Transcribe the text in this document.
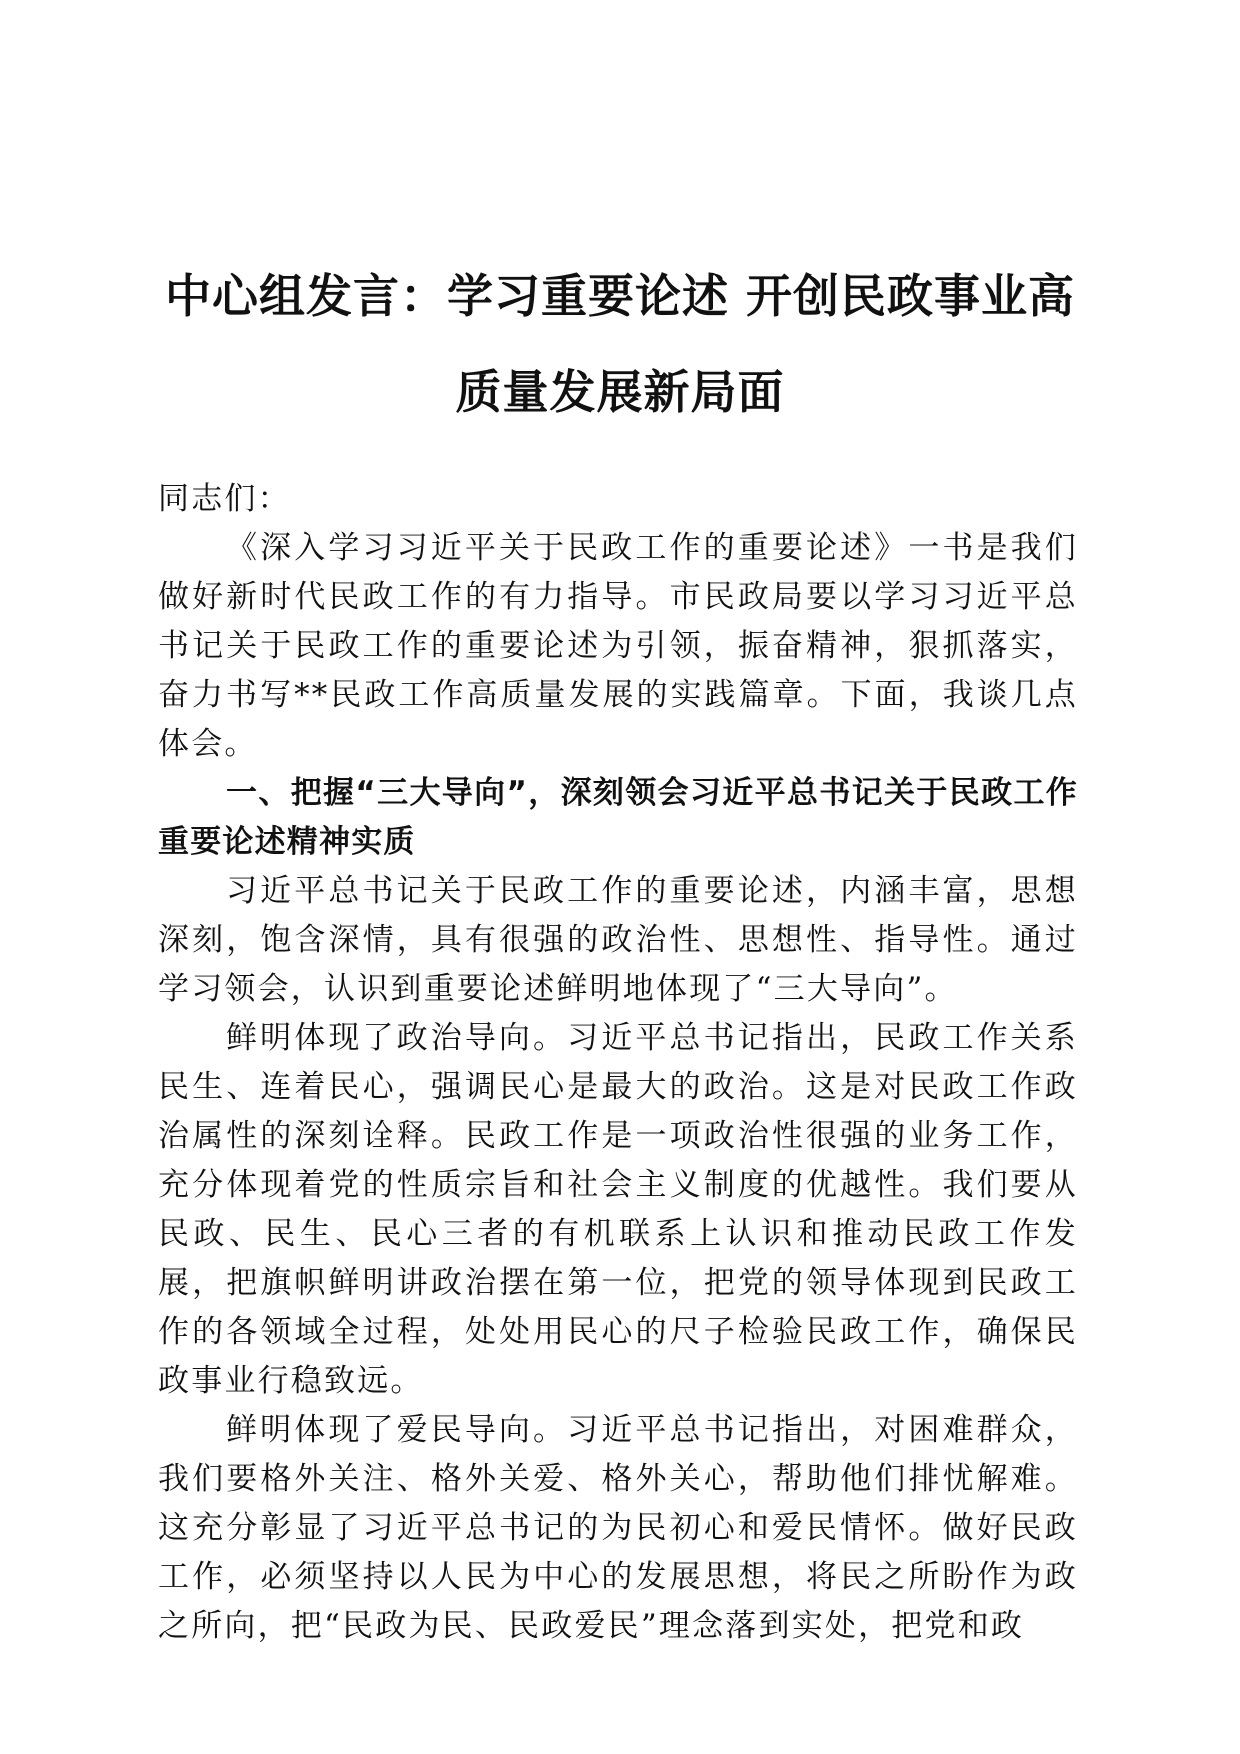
中心组发言：学习重要论述 开创民政事业高
质量发展新局面

同志们：

《深入学习习近平关于民政工作的重要论述》一书是我们做好新时代民政工作的有力指导。市民政局要以学习习近平总书记关于民政工作的重要论述为引领，振奋精神，狠抓落实，奋力书写**民政工作高质量发展的实践篇章。下面，我谈几点体会。

一、把握“三大导向”，深刻领会习近平总书记关于民政工作重要论述精神实质

习近平总书记关于民政工作的重要论述，内涵丰富，思想深刻，饱含深情，具有很强的政治性、思想性、指导性。通过学习领会，认识到重要论述鲜明地体现了“三大导向”。

鲜明体现了政治导向。习近平总书记指出，民政工作关系民生、连着民心，强调民心是最大的政治。这是对民政工作政治属性的深刻诠释。民政工作是一项政治性很强的业务工作，充分体现着党的性质宗旨和社会主义制度的优越性。我们要从民政、民生、民心三者的有机联系上认识和推动民政工作发展，把旗帜鲜明讲政治摆在第一位，把党的领导体现到民政工作的各领域全过程，处处用民心的尺子检验民政工作，确保民政事业行稳致远。

鲜明体现了爱民导向。习近平总书记指出，对困难群众，我们要格外关注、格外关爱、格外关心，帮助他们排忧解难。这充分彰显了习近平总书记的为民初心和爱民情怀。做好民政工作，必须坚持以人民为中心的发展思想，将民之所盼作为政之所向，把“民政为民、民政爱民”理念落到实处，把党和政
